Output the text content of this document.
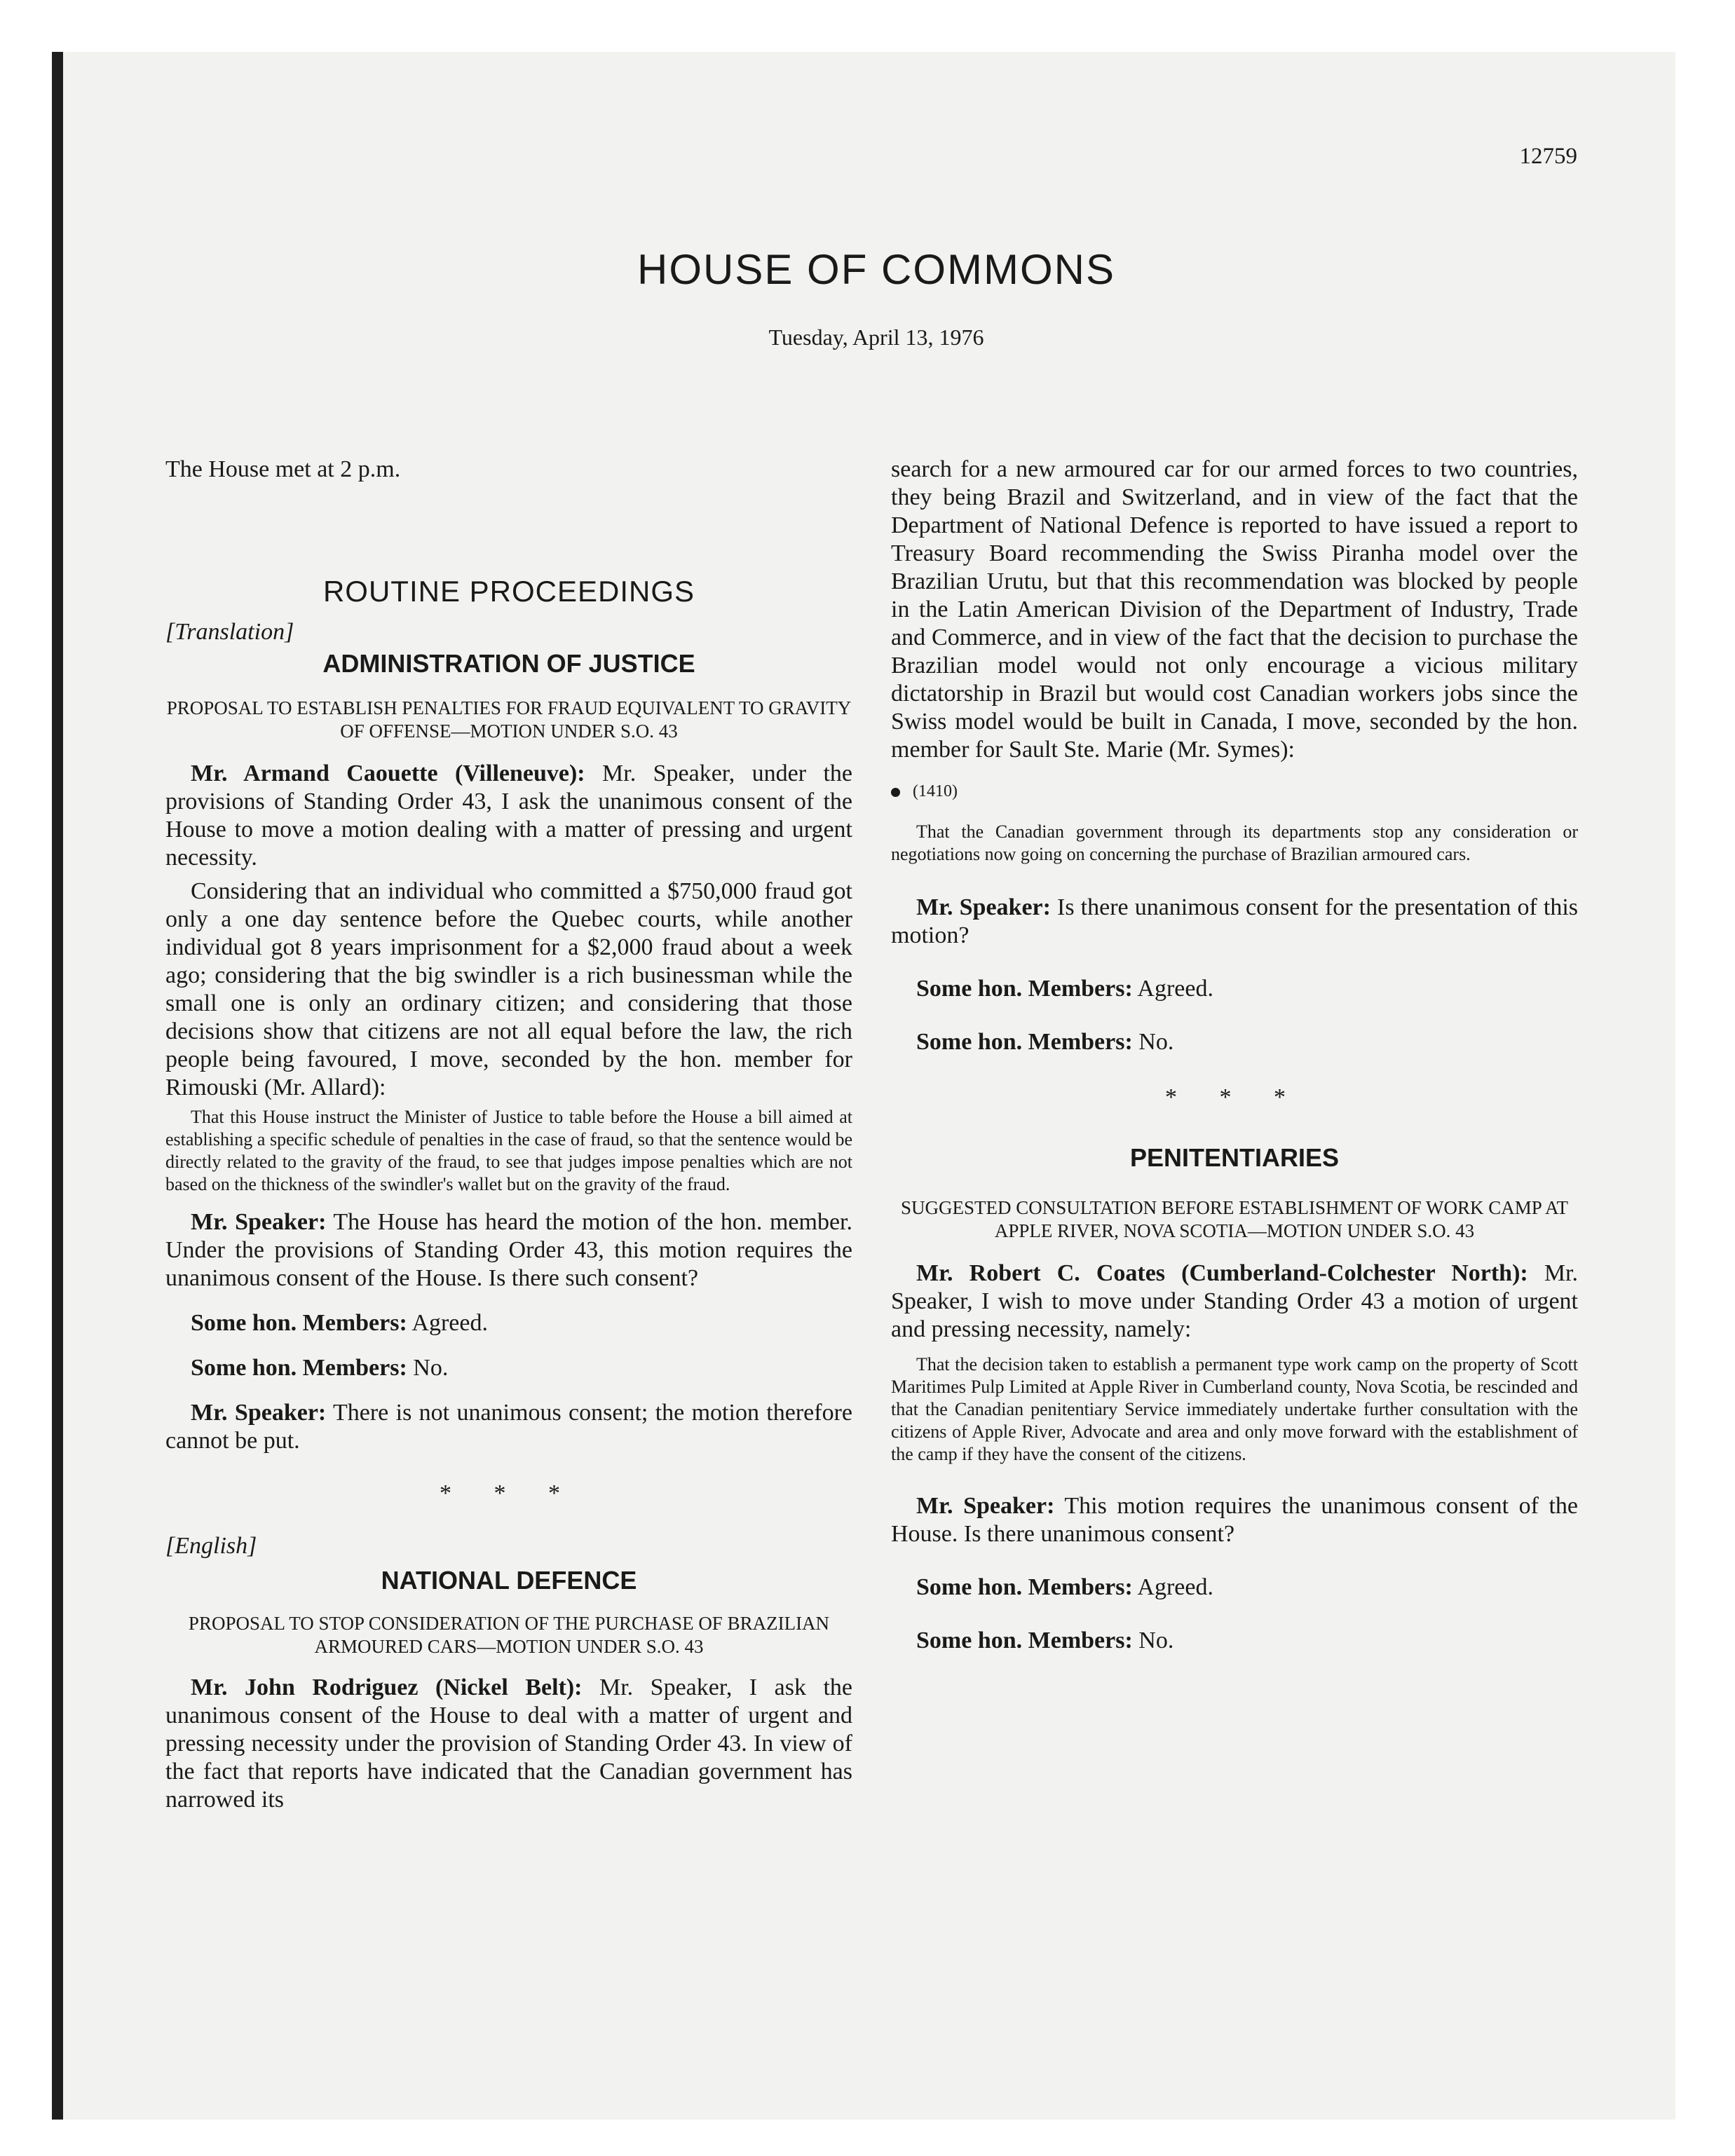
12759
HOUSE OF COMMONS
Tuesday, April 13, 1976

The House met at 2 p.m.

ROUTINE PROCEEDINGS

[Translation]

ADMINISTRATION OF JUSTICE

PROPOSAL TO ESTABLISH PENALTIES FOR FRAUD EQUIVALENT TO GRAVITY OF OFFENSE—MOTION UNDER S.O. 43

Mr. Armand Caouette (Villeneuve): Mr. Speaker, under the provisions of Standing Order 43, I ask the unanimous consent of the House to move a motion dealing with a matter of pressing and urgent necessity.

Considering that an individual who committed a $750,000 fraud got only a one day sentence before the Quebec courts, while another individual got 8 years imprisonment for a $2,000 fraud about a week ago; considering that the big swindler is a rich businessman while the small one is only an ordinary citizen; and considering that those decisions show that citizens are not all equal before the law, the rich people being favoured, I move, seconded by the hon. member for Rimouski (Mr. Allard):

That this House instruct the Minister of Justice to table before the House a bill aimed at establishing a specific schedule of penalties in the case of fraud, so that the sentence would be directly related to the gravity of the fraud, to see that judges impose penalties which are not based on the thickness of the swindler's wallet but on the gravity of the fraud.

Mr. Speaker: The House has heard the motion of the hon. member. Under the provisions of Standing Order 43, this motion requires the unanimous consent of the House. Is there such consent?

Some hon. Members: Agreed.

Some hon. Members: No.

Mr. Speaker: There is not unanimous consent; the motion therefore cannot be put.

* * *

[English]

NATIONAL DEFENCE

PROPOSAL TO STOP CONSIDERATION OF THE PURCHASE OF BRAZILIAN ARMOURED CARS—MOTION UNDER S.O. 43

Mr. John Rodriguez (Nickel Belt): Mr. Speaker, I ask the unanimous consent of the House to deal with a matter of urgent and pressing necessity under the provision of Standing Order 43. In view of the fact that reports have indicated that the Canadian government has narrowed its

search for a new armoured car for our armed forces to two countries, they being Brazil and Switzerland, and in view of the fact that the Department of National Defence is reported to have issued a report to Treasury Board recommending the Swiss Piranha model over the Brazilian Urutu, but that this recommendation was blocked by people in the Latin American Division of the Department of Industry, Trade and Commerce, and in view of the fact that the decision to purchase the Brazilian model would not only encourage a vicious military dictatorship in Brazil but would cost Canadian workers jobs since the Swiss model would be built in Canada, I move, seconded by the hon. member for Sault Ste. Marie (Mr. Symes):

(1410)

That the Canadian government through its departments stop any consideration or negotiations now going on concerning the purchase of Brazilian armoured cars.

Mr. Speaker: Is there unanimous consent for the presentation of this motion?

Some hon. Members: Agreed.

Some hon. Members: No.

* * *

PENITENTIARIES

SUGGESTED CONSULTATION BEFORE ESTABLISHMENT OF WORK CAMP AT APPLE RIVER, NOVA SCOTIA—MOTION UNDER S.O. 43

Mr. Robert C. Coates (Cumberland-Colchester North): Mr. Speaker, I wish to move under Standing Order 43 a motion of urgent and pressing necessity, namely:

That the decision taken to establish a permanent type work camp on the property of Scott Maritimes Pulp Limited at Apple River in Cumberland county, Nova Scotia, be rescinded and that the Canadian penitentiary Service immediately undertake further consultation with the citizens of Apple River, Advocate and area and only move forward with the establishment of the camp if they have the consent of the citizens.

Mr. Speaker: This motion requires the unanimous consent of the House. Is there unanimous consent?

Some hon. Members: Agreed.

Some hon. Members: No.
